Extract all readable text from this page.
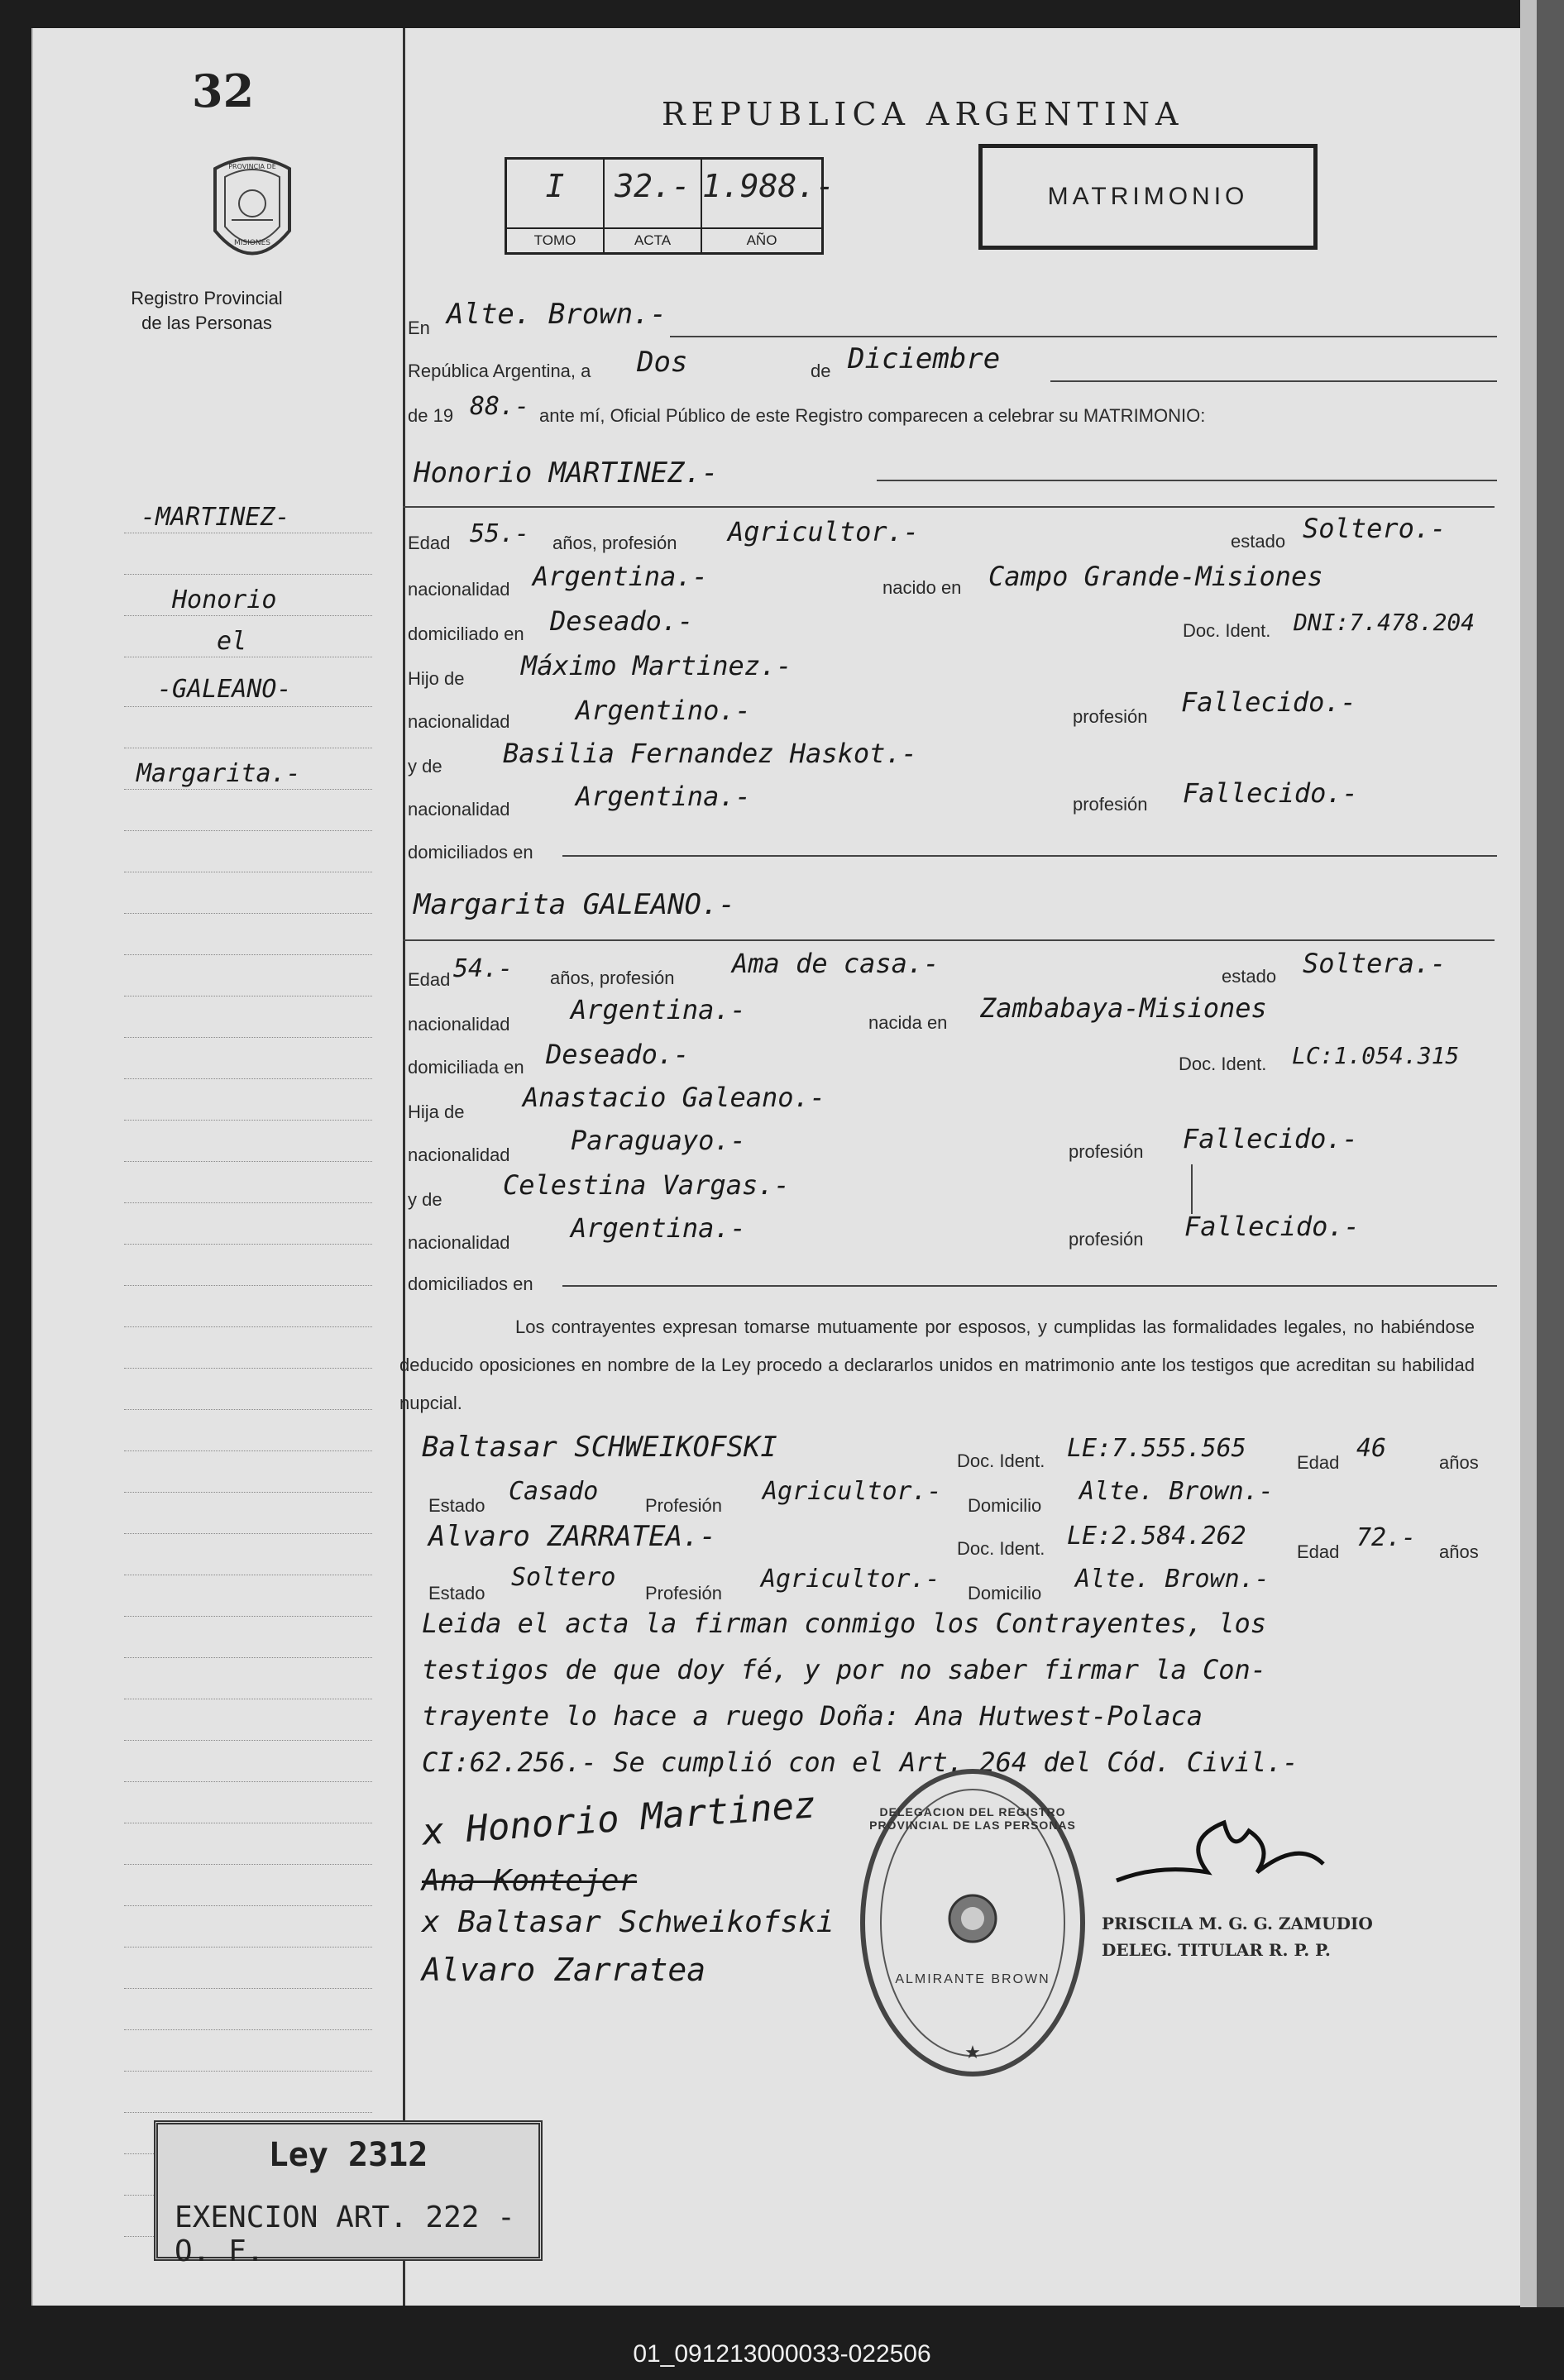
32	REPUBLICA ARGENTINA
PROVINCIA DE
MISIONES
Registro Provincial
de las Personas
I
TOMO
32.-
ACTA
1.988.-
AÑO
MATRIMONIO
-MARTINEZ-
Honorio
el
-GALEANO-
Margarita.-
En Alte. Brown.-
República Argentina, a Dos	de Diciembre
de 19 88.- ante mí, Oficial Público de este Registro comparecen a celebrar su MATRIMONIO:
Honorio MARTINEZ.-
Edad 55.- años, profesión Agricultor.-	estado Soltero.-
nacionalidad Argentina.-	nacido en Campo Grande-Misiones
domiciliado en Deseado.-	Doc. Ident. DNI:7.478.204
Hijo de Máximo Martinez.-
nacionalidad Argentino.-	profesión Fallecido.-
y de Basilia Fernandez Haskot.-
nacionalidad Argentina.-	profesión Fallecido.-
domiciliados en
Margarita GALEANO.-
Edad 54.- años, profesión Ama de casa.-	estado Soltera.-
nacionalidad Argentina.-	nacida en Zambabaya-Misiones
domiciliada en Deseado.-	Doc. Ident. LC:1.054.315
Hija de Anastacio Galeano.-
nacionalidad Paraguayo.-	profesión Fallecido.-
y de Celestina Vargas.-
nacionalidad Argentina.-	profesión Fallecido.-
domiciliados en
Los contrayentes expresan tomarse mutuamente por esposos, y cumplidas las formalidades legales, no habiéndose deducido oposiciones en nombre de la Ley procedo a declararlos unidos en matrimonio ante los testigos que acreditan su habilidad nupcial.
Baltasar SCHWEIKOFSKI	Doc. Ident. LE:7.555.565	Edad 46	años
Estado Casado	Profesión Agricultor.- Domicilio Alte. Brown.-
Alvaro ZARRATEA.-	Doc. Ident. LE:2.584.262
Edad 72.- años
Estado
Soltero
Profesión Agricultor.- Domicilio Alte. Brown.-
Leida el acta la firman conmigo los Contrayentes, los
testigos de que doy fé, y por no saber firmar la Con-
trayente lo hace a ruego Doña: Ana Hutwest-Polaca
CI:62.256.- Se cumplió con el Art. 264 del Cód. Civil.-
x Honorio Martinez
Ana Kontejer
x Baltasar Schweikofski
Alvaro Zarratea
DELEGACION DEL REGISTRO PROVINCIAL DE LAS PERSONAS
ALMIRANTE BROWN
★
PRISCILA M. G. G. ZAMUDIO
DELEG. TITULAR R. P. P.
Ley 2312
EXENCION ART. 222 - O. F.
01_091213000033-022506
